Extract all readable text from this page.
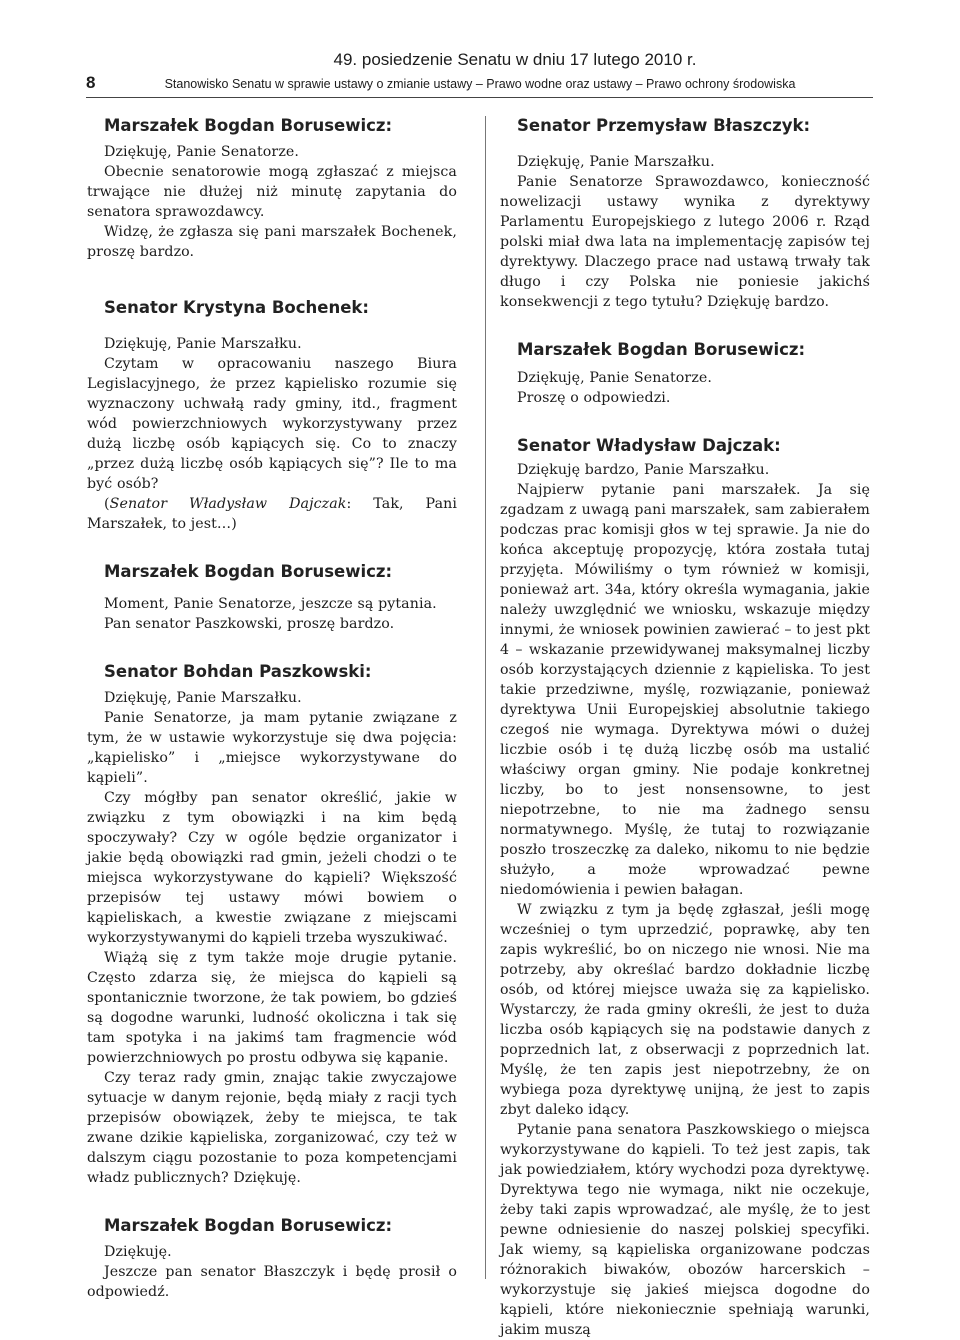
49. posiedzenie Senatu w dniu 17 lutego 2010 r.
8	Stanowisko Senatu w sprawie ustawy o zmianie ustawy – Prawo wodne oraz ustawy – Prawo ochrony środowiska
Marszałek Bogdan Borusewicz:

Dziękuję, Panie Senatorze.

Obecnie senatorowie mogą zgłaszać z miejsca trwające nie dłużej niż minutę zapytania do senatora sprawozdawcy.

Widzę, że zgłasza się pani marszałek Bochenek, proszę bardzo.

Senator Krystyna Bochenek:

Dziękuję, Panie Marszałku.

Czytam w opracowaniu naszego Biura Legislacyjnego, że przez kąpielisko rozumie się wyznaczony uchwałą rady gminy, itd., fragment wód powierzchniowych wykorzystywany przez dużą liczbę osób kąpiących się. Co to znaczy „przez dużą liczbę osób kąpiących się”? Ile to ma być osób?

(Senator Władysław Dajczak: Tak, Pani Marszałek, to jest…)

Marszałek Bogdan Borusewicz:

Moment, Panie Senatorze, jeszcze są pytania.

Pan senator Paszkowski, proszę bardzo.

Senator Bohdan Paszkowski:

Dziękuję, Panie Marszałku.

Panie Senatorze, ja mam pytanie związane z tym, że w ustawie wykorzystuje się dwa pojęcia: „kąpielisko” i „miejsce wykorzystywane do kąpieli”.

Czy mógłby pan senator określić, jakie w związku z tym obowiązki i na kim będą spoczywały? Czy w ogóle będzie organizator i jakie będą obowiązki rad gmin, jeżeli chodzi o te miejsca wykorzystywane do kąpieli? Większość przepisów tej ustawy mówi bowiem o kąpieliskach, a kwestie związane z miejscami wykorzystywanymi do kąpieli trzeba wyszukiwać.

Wiążą się z tym także moje drugie pytanie. Często zdarza się, że miejsca do kąpieli są spontanicznie tworzone, że tak powiem, bo gdzieś są dogodne warunki, ludność okoliczna i tak się tam spotyka i na jakimś tam fragmencie wód powierzchniowych po prostu odbywa się kąpanie.

Czy teraz rady gmin, znając takie zwyczajowe sytuacje w danym rejonie, będą miały z racji tych przepisów obowiązek, żeby te miejsca, te tak zwane dzikie kąpieliska, zorganizować, czy też w dalszym ciągu pozostanie to poza kompetencjami władz publicznych? Dziękuję.

Marszałek Bogdan Borusewicz:

Dziękuję.

Jeszcze pan senator Błaszczyk i będę prosił o odpowiedź.

Senator Przemysław Błaszczyk:

Dziękuję, Panie Marszałku.

Panie Senatorze Sprawozdawco, konieczność nowelizacji ustawy wynika z dyrektywy Parlamentu Europejskiego z lutego 2006 r. Rząd polski miał dwa lata na implementację zapisów tej dyrektywy. Dlaczego prace nad ustawą trwały tak długo i czy Polska nie poniesie jakichś konsekwencji z tego tytułu? Dziękuję bardzo.

Marszałek Bogdan Borusewicz:

Dziękuję, Panie Senatorze.

Proszę o odpowiedzi.

Senator Władysław Dajczak:

Dziękuję bardzo, Panie Marszałku.

Najpierw pytanie pani marszałek. Ja się zgadzam z uwagą pani marszałek, sam zabierałem podczas prac komisji głos w tej sprawie. Ja nie do końca akceptuję propozycję, która została tutaj przyjęta. Mówiliśmy o tym również w komisji, ponieważ art. 34a, który określa wymagania, jakie należy uwzględnić we wniosku, wskazuje między innymi, że wniosek powinien zawierać – to jest pkt 4 – wskazanie przewidywanej maksymalnej liczby osób korzystających dziennie z kąpieliska. To jest takie przedziwne, myślę, rozwiązanie, ponieważ dyrektywa Unii Europejskiej absolutnie takiego czegoś nie wymaga. Dyrektywa mówi o dużej liczbie osób i tę dużą liczbę osób ma ustalić właściwy organ gminy. Nie podaje konkretnej liczby, bo to jest nonsensowne, to jest niepotrzebne, to nie ma żadnego sensu normatywnego. Myślę, że tutaj to rozwiązanie poszło troszeczkę za daleko, nikomu to nie będzie służyło, a może wprowadzać pewne niedomówienia i pewien bałagan.

W związku z tym ja będę zgłaszał, jeśli mogę wcześniej o tym uprzedzić, poprawkę, aby ten zapis wykreślić, bo on niczego nie wnosi. Nie ma potrzeby, aby określać bardzo dokładnie liczbę osób, od której miejsce uważa się za kąpielisko. Wystarczy, że rada gminy określi, że jest to duża liczba osób kąpiących się na podstawie danych z poprzednich lat, z obserwacji z poprzednich lat. Myślę, że ten zapis jest niepotrzebny, że on wybiega poza dyrektywę unijną, że jest to zapis zbyt daleko idący.

Pytanie pana senatora Paszkowskiego o miejsca wykorzystywane do kąpieli. To też jest zapis, tak jak powiedziałem, który wychodzi poza dyrektywę. Dyrektywa tego nie wymaga, nikt nie oczekuje, żeby taki zapis wprowadzać, ale myślę, że to jest pewne odniesienie do naszej polskiej specyfiki. Jak wiemy, są kąpieliska organizowane podczas różnorakich biwaków, obozów harcerskich – wykorzystuje się jakieś miejsca dogodne do kąpieli, które niekoniecznie spełniają warunki, jakim muszą
